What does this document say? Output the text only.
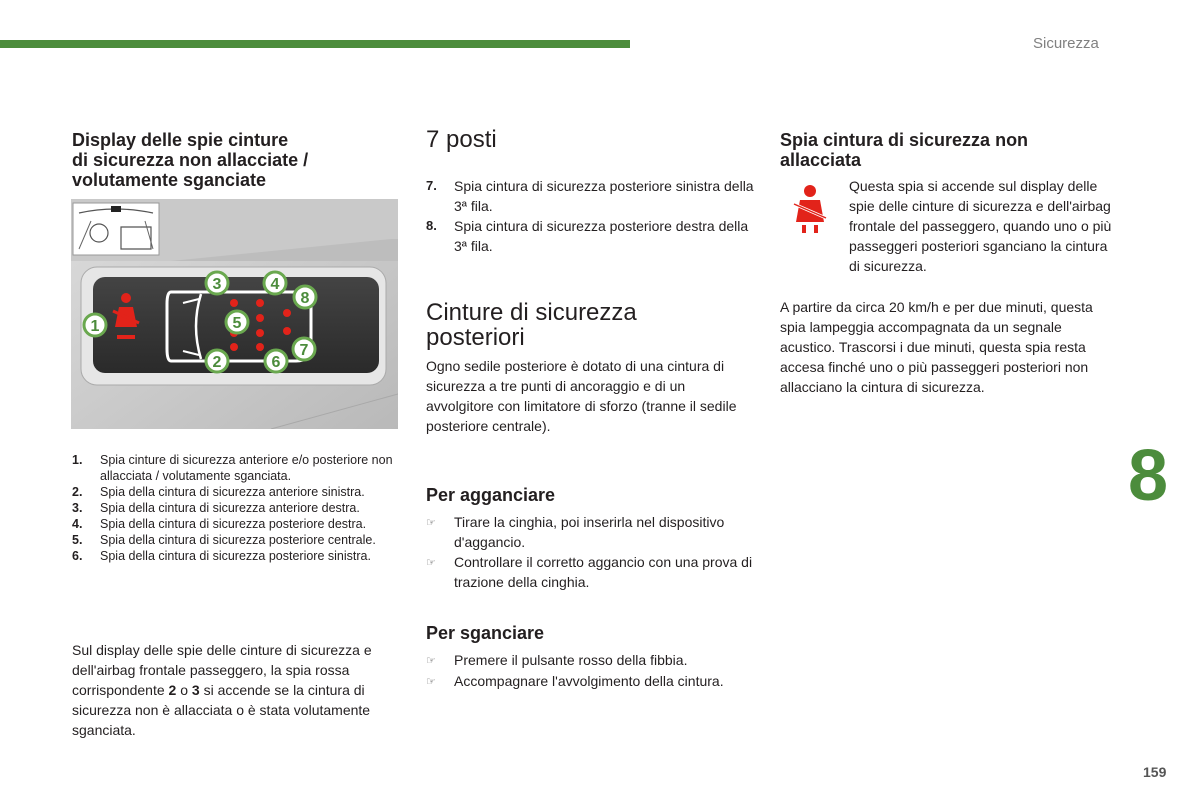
Sicurezza
8
159
Display delle spie cinture
di sicurezza non allacciate /
volutamente sganciate
1
2
3	4
5
6
7
8
1.	Spia cinture di sicurezza anteriore e/o posteriore non allacciata / volutamente sganciata.
2.	Spia della cintura di sicurezza anteriore sinistra.
3.	Spia della cintura di sicurezza anteriore destra.
4.	Spia della cintura di sicurezza posteriore destra.
5.	Spia della cintura di sicurezza posteriore centrale.
6.	Spia della cintura di sicurezza posteriore sinistra.
Sul display delle spie delle cinture di sicurezza e dell'airbag frontale passeggero, la spia rossa corrispondente 2 o 3 si accende se la cintura di sicurezza non è allacciata o è stata volutamente sganciata.
7 posti
7.	Spia cintura di sicurezza posteriore sinistra della 3ª fila.
8.	Spia cintura di sicurezza posteriore destra della 3ª fila.
Cinture di sicurezza
posteriori
Ogno sedile posteriore è dotato di una cintura di sicurezza a tre punti di ancoraggio e di un avvolgitore con limitatore di sforzo (tranne il sedile posteriore centrale).
Per agganciare
☞	Tirare la cinghia, poi inserirla nel dispositivo d'aggancio.
☞	Controllare il corretto aggancio con una prova di trazione della cinghia.
Per sganciare
☞	Premere il pulsante rosso della fibbia.
☞	Accompagnare l'avvolgimento della cintura.
Spia cintura di sicurezza non
allacciata
Questa spia si accende sul display delle spie delle cinture di sicurezza e dell'airbag frontale del passeggero, quando uno o più passeggeri posteriori sganciano la cintura di sicurezza.
A partire da circa 20 km/h e per due minuti, questa spia lampeggia accompagnata da un segnale acustico. Trascorsi i due minuti, questa spia resta accesa finché uno o più passeggeri posteriori non allacciano la cintura di sicurezza.
